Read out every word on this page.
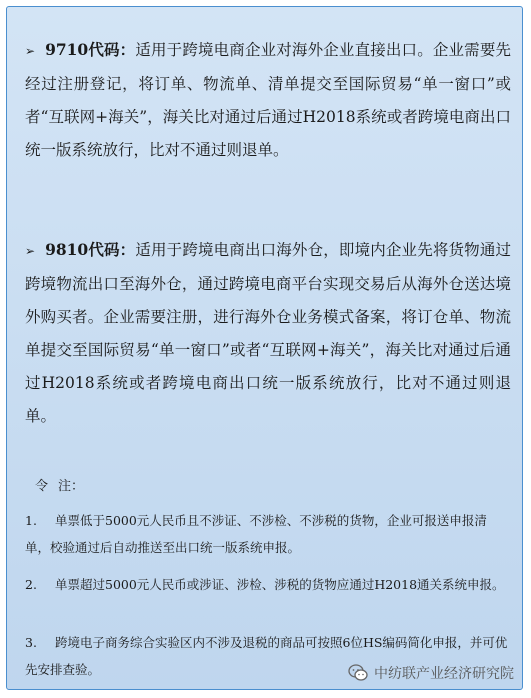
➢ 9710代码：适用于跨境电商企业对海外企业直接出口。企业需要先经过注册登记，将订单、物流单、清单提交至国际贸易“单一窗口”或者“互联网+海关”，海关比对通过后通过H2018系统或者跨境电商出口统一版系统放行，比对不通过则退单。
➢ 9810代码：适用于跨境电商出口海外仓，即境内企业先将货物通过跨境物流出口至海外仓，通过跨境电商平台实现交易后从海外仓送达境外购买者。企业需要注册，进行海外仓业务模式备案，将订仓单、物流单提交至国际贸易“单一窗口”或者“互联网+海关”，海关比对通过后通过H2018系统或者跨境电商出口统一版系统放行，比对不通过则退单。
令 注：
1. 单票低于5000元人民币且不涉证、不涉检、不涉税的货物，企业可报送申报清单，校验通过后自动推送至出口统一版系统申报。
2. 单票超过5000元人民币或涉证、涉检、涉税的货物应通过H2018通关系统申报。
3. 跨境电子商务综合实验区内不涉及退税的商品可按照6位HS编码简化申报，并可优先安排查验。	中纺联产业经济研究院
